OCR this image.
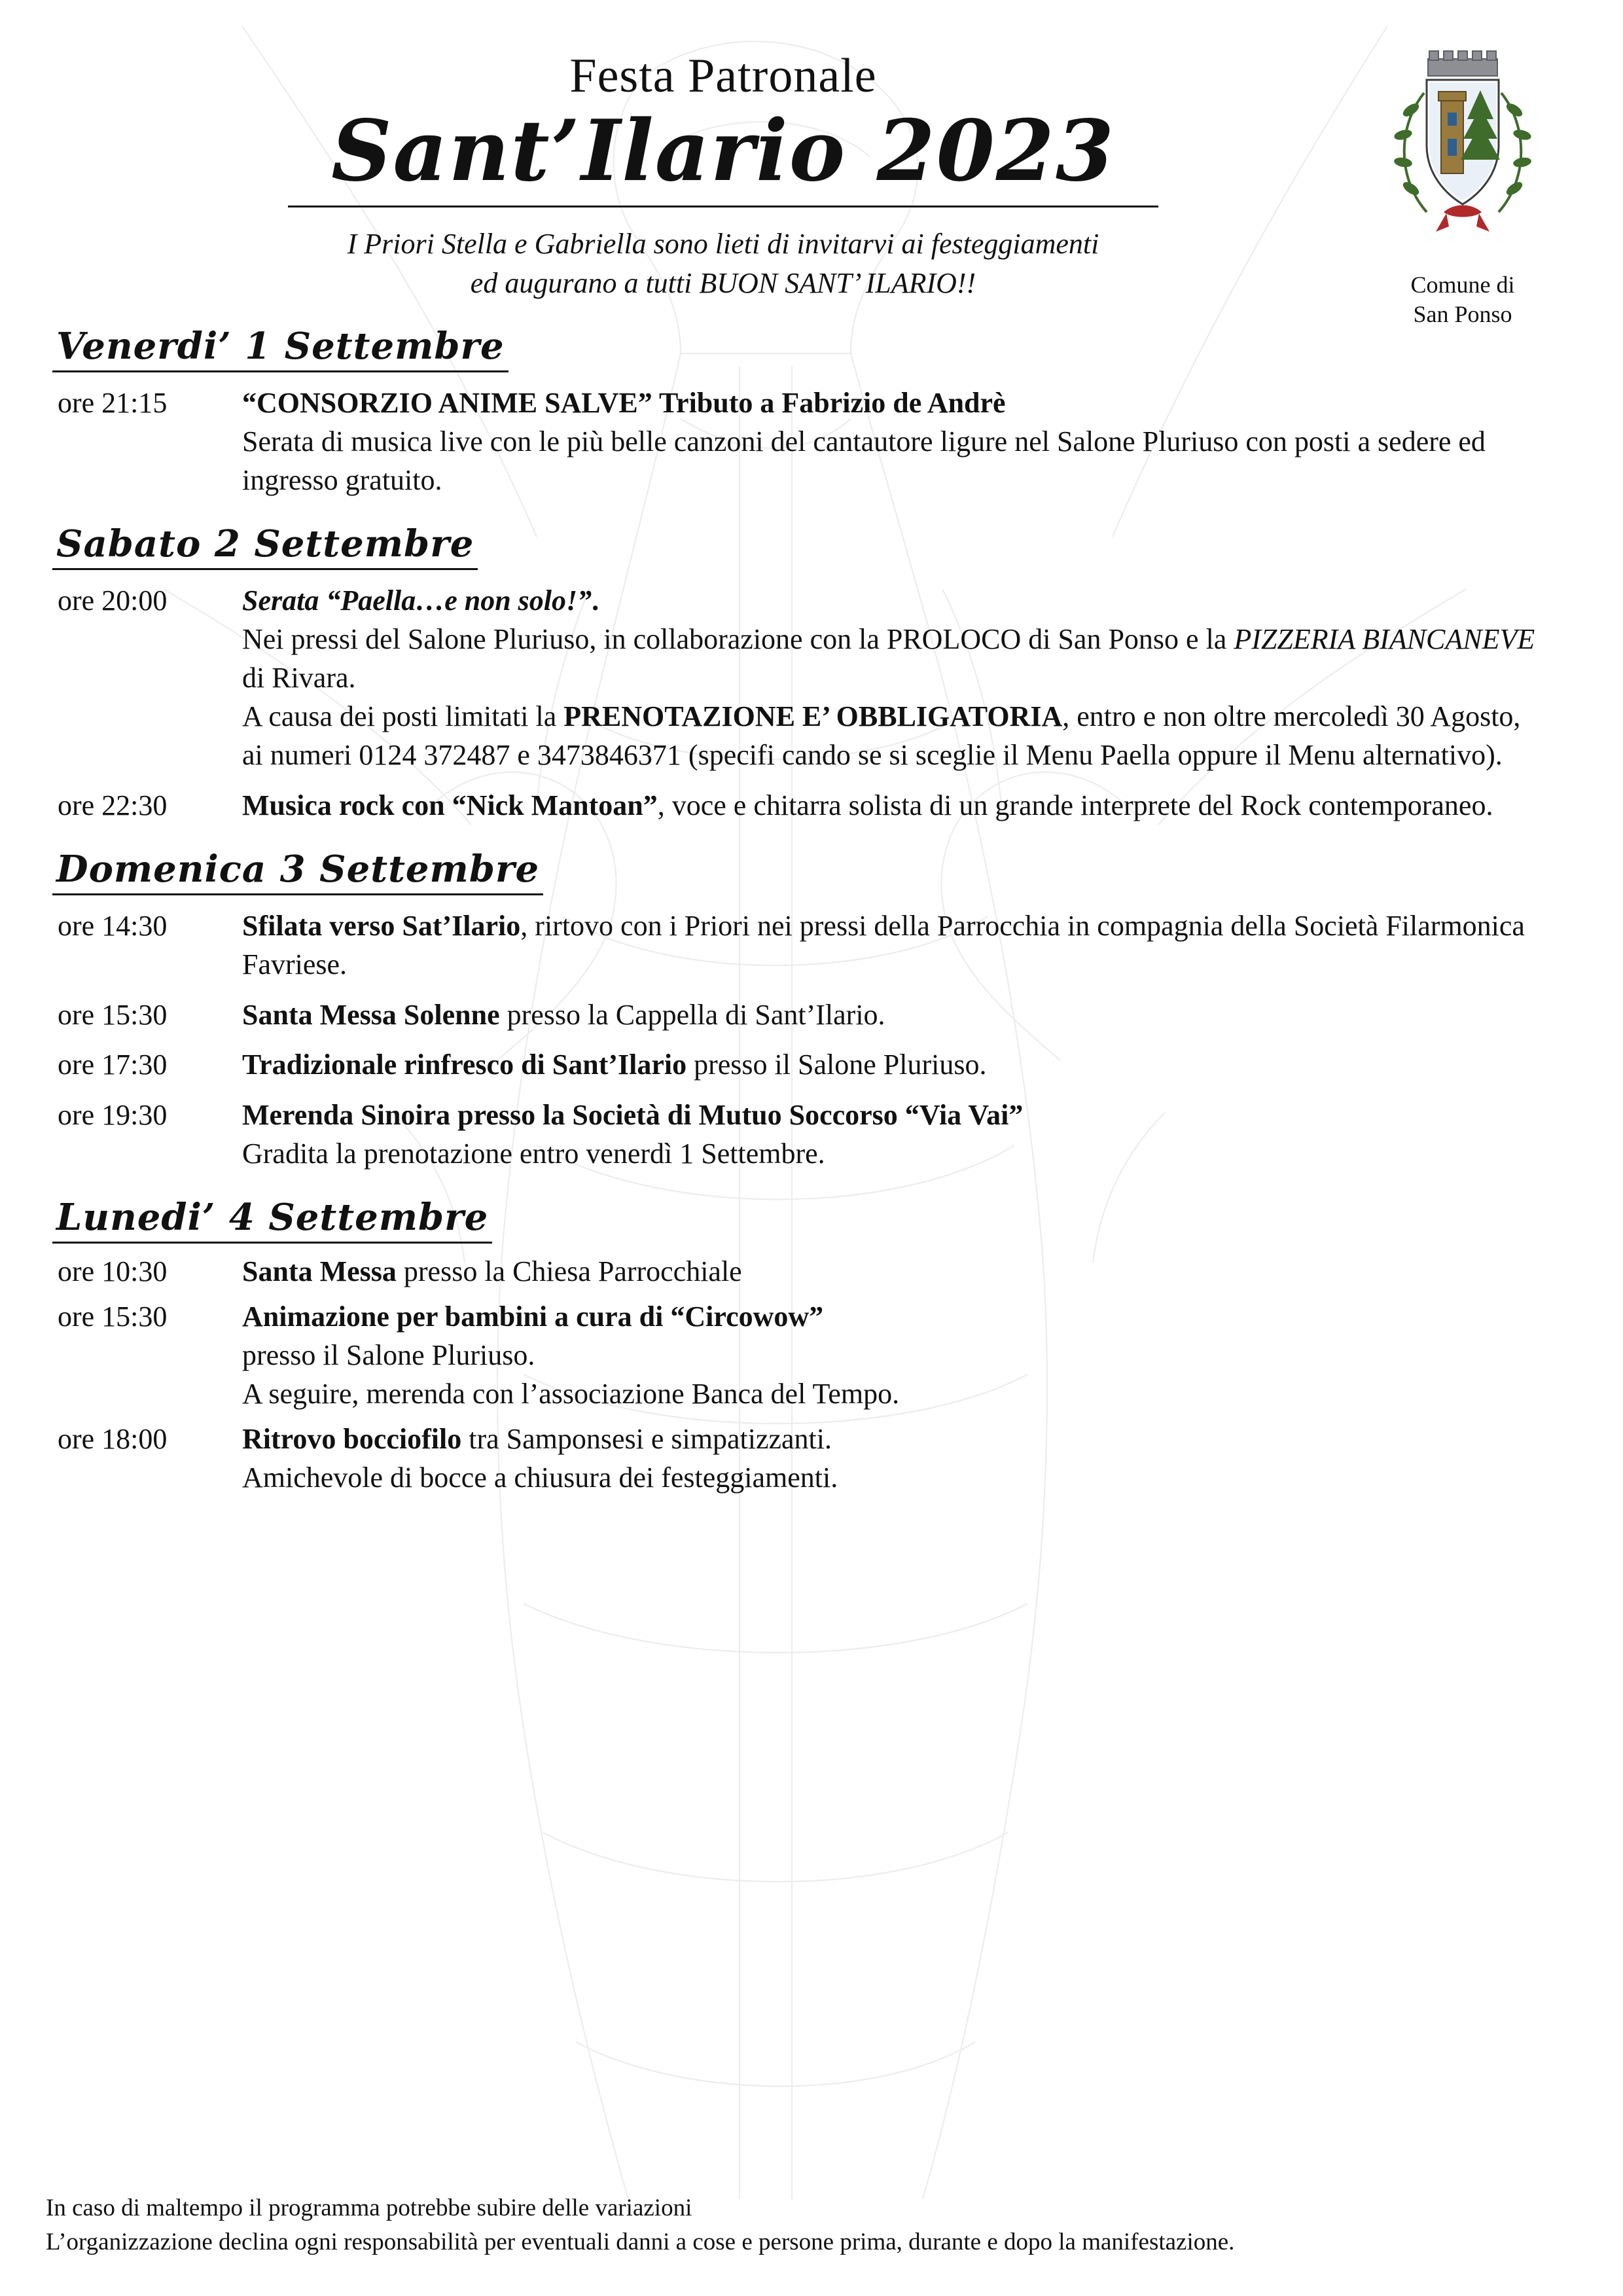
Comune di
San Ponso
Festa Patronale
Sant’Ilario 2023
I Priori Stella e Gabriella sono lieti di invitarvi ai festeggiamenti
ed augurano a tutti BUON SANT’ ILARIO!!
Venerdi’ 1 Settembre
ore 21:15	“CONSORZIO ANIME SALVE” Tributo a Fabrizio de Andrè
Serata di musica live con le più belle canzoni del cantautore ligure nel Salone Pluriuso con posti a sedere ed ingresso gratuito.
Sabato 2 Settembre
ore 20:00	Serata “Paella…e non solo!”.
Nei pressi del Salone Pluriuso, in collaborazione con la PROLOCO di San Ponso e la PIZZERIA BIANCANEVE di Rivara.
A causa dei posti limitati la PRENOTAZIONE E’ OBBLIGATORIA, entro e non oltre mercoledì 30 Agosto, ai numeri 0124 372487 e 3473846371 (specifi cando se si sceglie il Menu Paella oppure il Menu alternativo).
ore 22:30	Musica rock con “Nick Mantoan”, voce e chitarra solista di un grande interprete del Rock contemporaneo.
Domenica 3 Settembre
ore 14:30	Sfilata verso Sat’Ilario, rirtovo con i Priori nei pressi della Parrocchia in compagnia della Società Filarmonica Favriese.
ore 15:30	Santa Messa Solenne presso la Cappella di Sant’Ilario.
ore 17:30	Tradizionale rinfresco di Sant’Ilario presso il Salone Pluriuso.
ore 19:30	Merenda Sinoira presso la Società di Mutuo Soccorso “Via Vai”
Gradita la prenotazione entro venerdì 1 Settembre.
Lunedi’ 4 Settembre
ore 10:30	Santa Messa presso la Chiesa Parrocchiale
ore 15:30	Animazione per bambini a cura di “Circowow”
presso il Salone Pluriuso.
A seguire, merenda con l’associazione Banca del Tempo.
ore 18:00	Ritrovo bocciofilo tra Samponsesi e simpatizzanti.
Amichevole di bocce a chiusura dei festeggiamenti.
In caso di maltempo il programma potrebbe subire delle variazioni
L’organizzazione declina ogni responsabilità per eventuali danni a cose e persone prima, durante e dopo la manifestazione.
